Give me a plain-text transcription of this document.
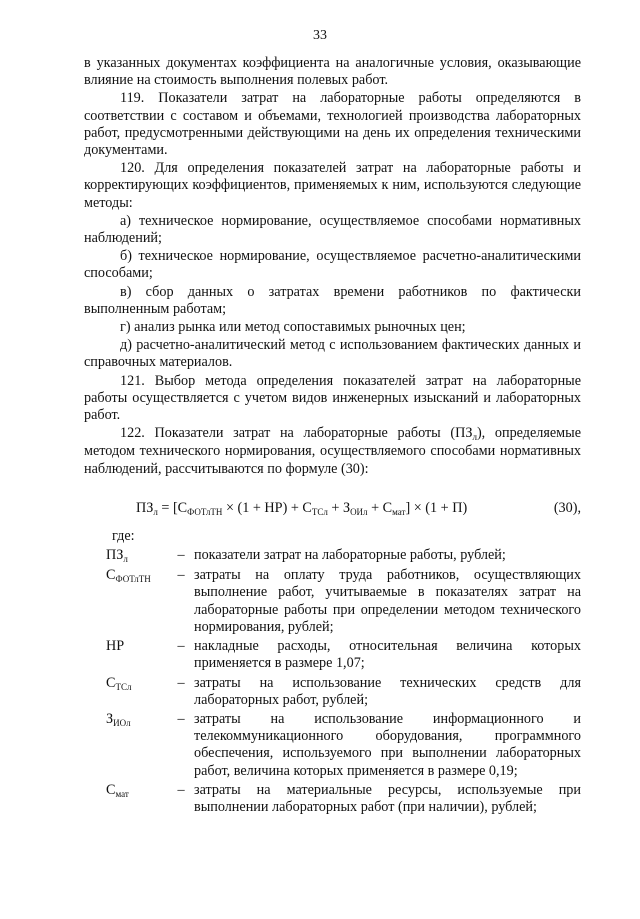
33

в указанных документах коэффициента на аналогичные условия, оказывающие влияние на стоимость выполнения полевых работ.

119. Показатели затрат на лабораторные работы определяются в соответствии с составом и объемами, технологией производства лабораторных работ, предусмотренными действующими на день их определения техническими документами.

120. Для определения показателей затрат на лабораторные работы и корректирующих коэффициентов, применяемых к ним, используются следующие методы:

а) техническое нормирование, осуществляемое способами нормативных наблюдений;

б) техническое нормирование, осуществляемое расчетно-аналитическими способами;

в) сбор данных о затратах времени работников по фактически выполненным работам;

г) анализ рынка или метод сопоставимых рыночных цен;

д) расчетно-аналитический метод с использованием фактических данных и справочных материалов.

121. Выбор метода определения показателей затрат на лабораторные работы осуществляется с учетом видов инженерных изысканий и лабораторных работ.

122. Показатели затрат на лабораторные работы $(ПЗ_л)$, определяемые методом технического нормирования, осуществляемого способами нормативных наблюдений, рассчитываются по формуле (30):

$ПЗ_л = [С_{ФОТлТН} \times (1 + НР) + С_{ТСл} + З_{ОИл} + С_{мат}] \times (1 + П)$	(30),

где:

$ПЗ_л$	– показатели затрат на лабораторные работы, рублей;
$С_{ФОТлТН}$	– затраты на оплату труда работников, осуществляющих выполнение работ, учитываемые в показателях затрат на лабораторные работы при определении методом технического нормирования, рублей;
НР	– накладные расходы, относительная величина которых применяется в размере 1,07;
$С_{ТСл}$	– затраты на использование технических средств для лабораторных работ, рублей;
$З_{ИОл}$	– затраты на использование информационного и телекоммуникационного оборудования, программного обеспечения, используемого при выполнении лабораторных работ, величина которых применяется в размере 0,19;
$С_{мат}$	– затраты на материальные ресурсы, используемые при выполнении лабораторных работ (при наличии), рублей;
